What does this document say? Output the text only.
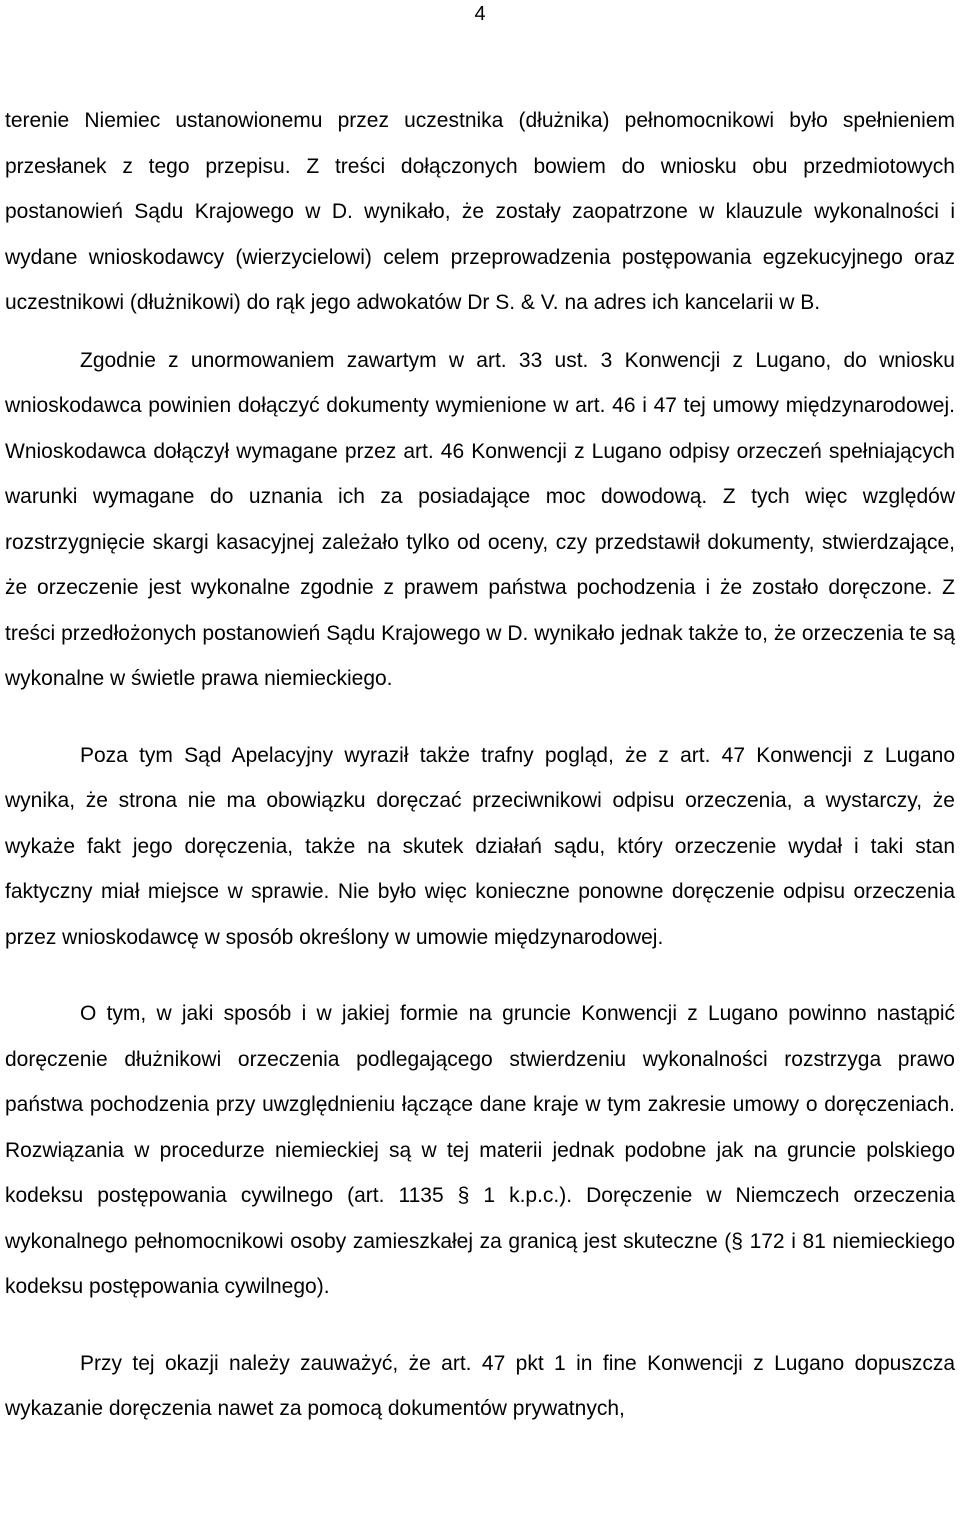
4

terenie Niemiec ustanowionemu przez uczestnika (dłużnika) pełnomocnikowi było spełnieniem przesłanek z tego przepisu. Z treści dołączonych bowiem do wniosku obu przedmiotowych postanowień Sądu Krajowego w D. wynikało, że zostały zaopatrzone w klauzule wykonalności i wydane wnioskodawcy (wierzycielowi) celem przeprowadzenia postępowania egzekucyjnego oraz uczestnikowi (dłużnikowi) do rąk jego adwokatów Dr S. & V. na adres ich kancelarii w B.

Zgodnie z unormowaniem zawartym w art. 33 ust. 3 Konwencji z Lugano, do wniosku wnioskodawca powinien dołączyć dokumenty wymienione w art. 46 i 47 tej umowy międzynarodowej. Wnioskodawca dołączył wymagane przez art. 46 Konwencji z Lugano odpisy orzeczeń spełniających warunki wymagane do uznania ich za posiadające moc dowodową. Z tych więc względów rozstrzygnięcie skargi kasacyjnej zależało tylko od oceny, czy przedstawił dokumenty, stwierdzające, że orzeczenie jest wykonalne zgodnie z prawem państwa pochodzenia i że zostało doręczone. Z treści przedłożonych postanowień Sądu Krajowego w D. wynikało jednak także to, że orzeczenia te są wykonalne w świetle prawa niemieckiego.

Poza tym Sąd Apelacyjny wyraził także trafny pogląd, że z art. 47 Konwencji z Lugano wynika, że strona nie ma obowiązku doręczać przeciwnikowi odpisu orzeczenia, a wystarczy, że wykaże fakt jego doręczenia, także na skutek działań sądu, który orzeczenie wydał i taki stan faktyczny miał miejsce w sprawie. Nie było więc konieczne ponowne doręczenie odpisu orzeczenia przez wnioskodawcę w sposób określony w umowie międzynarodowej.

O tym, w jaki sposób i w jakiej formie na gruncie Konwencji z Lugano powinno nastąpić doręczenie dłużnikowi orzeczenia podlegającego stwierdzeniu wykonalności rozstrzyga prawo państwa pochodzenia przy uwzględnieniu łączące dane kraje w tym zakresie umowy o doręczeniach. Rozwiązania w procedurze niemieckiej są w tej materii jednak podobne jak na gruncie polskiego kodeksu postępowania cywilnego (art. 1135 § 1 k.p.c.). Doręczenie w Niemczech orzeczenia wykonalnego pełnomocnikowi osoby zamieszkałej za granicą jest skuteczne (§ 172 i 81 niemieckiego kodeksu postępowania cywilnego).

Przy tej okazji należy zauważyć, że art. 47 pkt 1 in fine Konwencji z Lugano dopuszcza wykazanie doręczenia nawet za pomocą dokumentów prywatnych,
